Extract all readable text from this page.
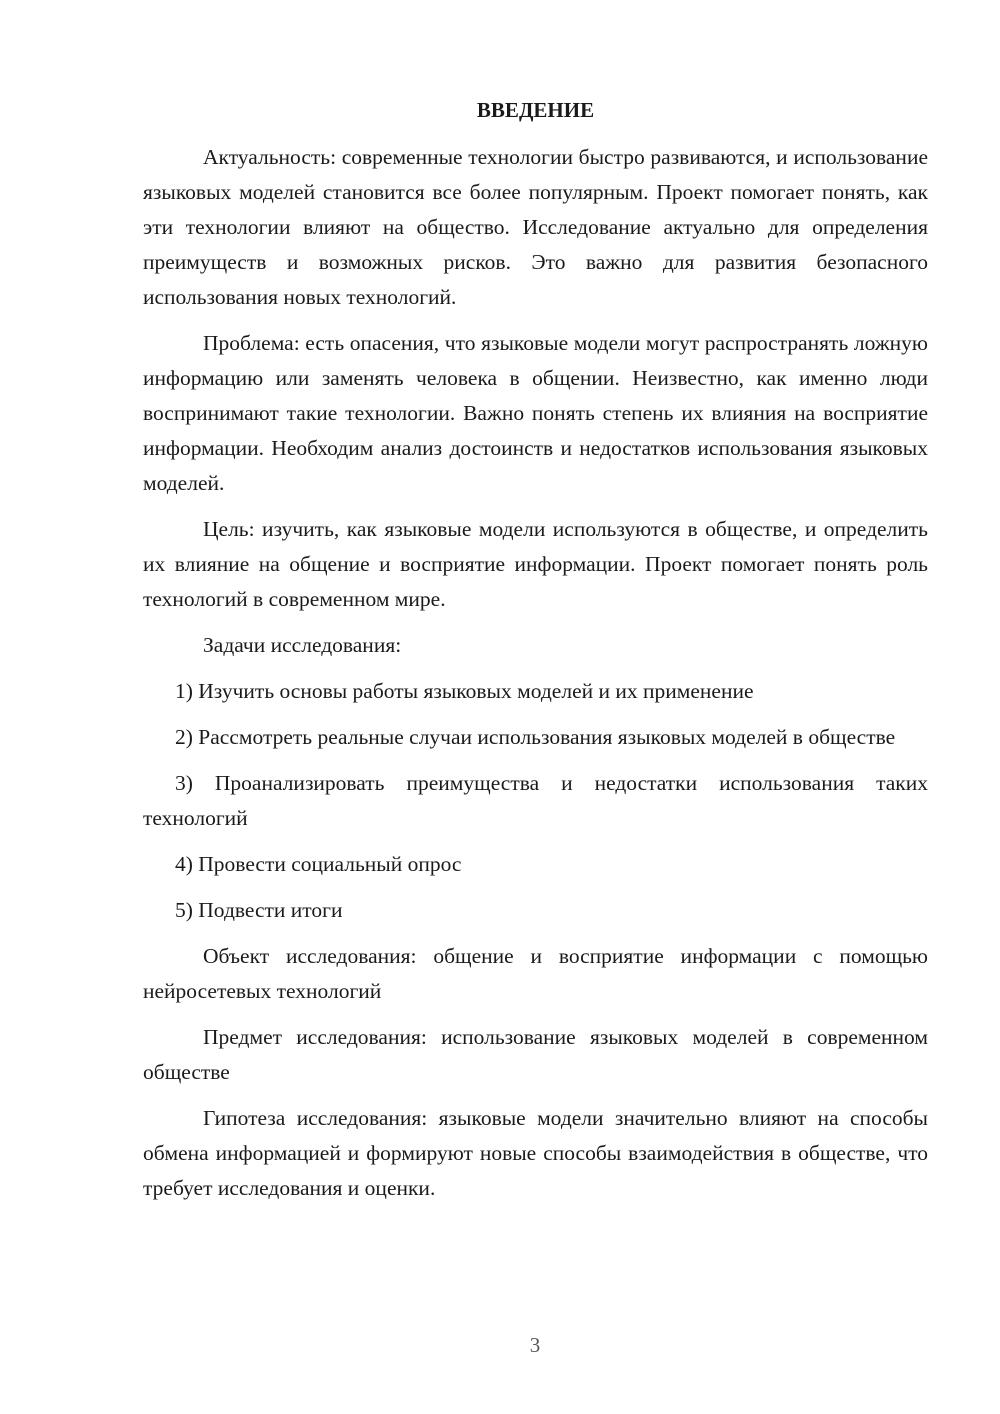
ВВЕДЕНИЕ

Актуальность: современные технологии быстро развиваются, и использование языковых моделей становится все более популярным. Проект помогает понять, как эти технологии влияют на общество. Исследование актуально для определения преимуществ и возможных рисков. Это важно для развития безопасного использования новых технологий.

Проблема: есть опасения, что языковые модели могут распространять ложную информацию или заменять человека в общении. Неизвестно, как именно люди воспринимают такие технологии. Важно понять степень их влияния на восприятие информации. Необходим анализ достоинств и недостатков использования языковых моделей.

Цель: изучить, как языковые модели используются в обществе, и определить их влияние на общение и восприятие информации. Проект помогает понять роль технологий в современном мире.

Задачи исследования:

1) Изучить основы работы языковых моделей и их применение

2) Рассмотреть реальные случаи использования языковых моделей в обществе

3) Проанализировать преимущества и недостатки использования таких технологий

4) Провести социальный опрос

5) Подвести итоги

Объект исследования: общение и восприятие информации с помощью нейросетевых технологий

Предмет исследования: использование языковых моделей в современном обществе

Гипотеза исследования: языковые модели значительно влияют на способы обмена информацией и формируют новые способы взаимодействия в обществе, что требует исследования и оценки.

3
